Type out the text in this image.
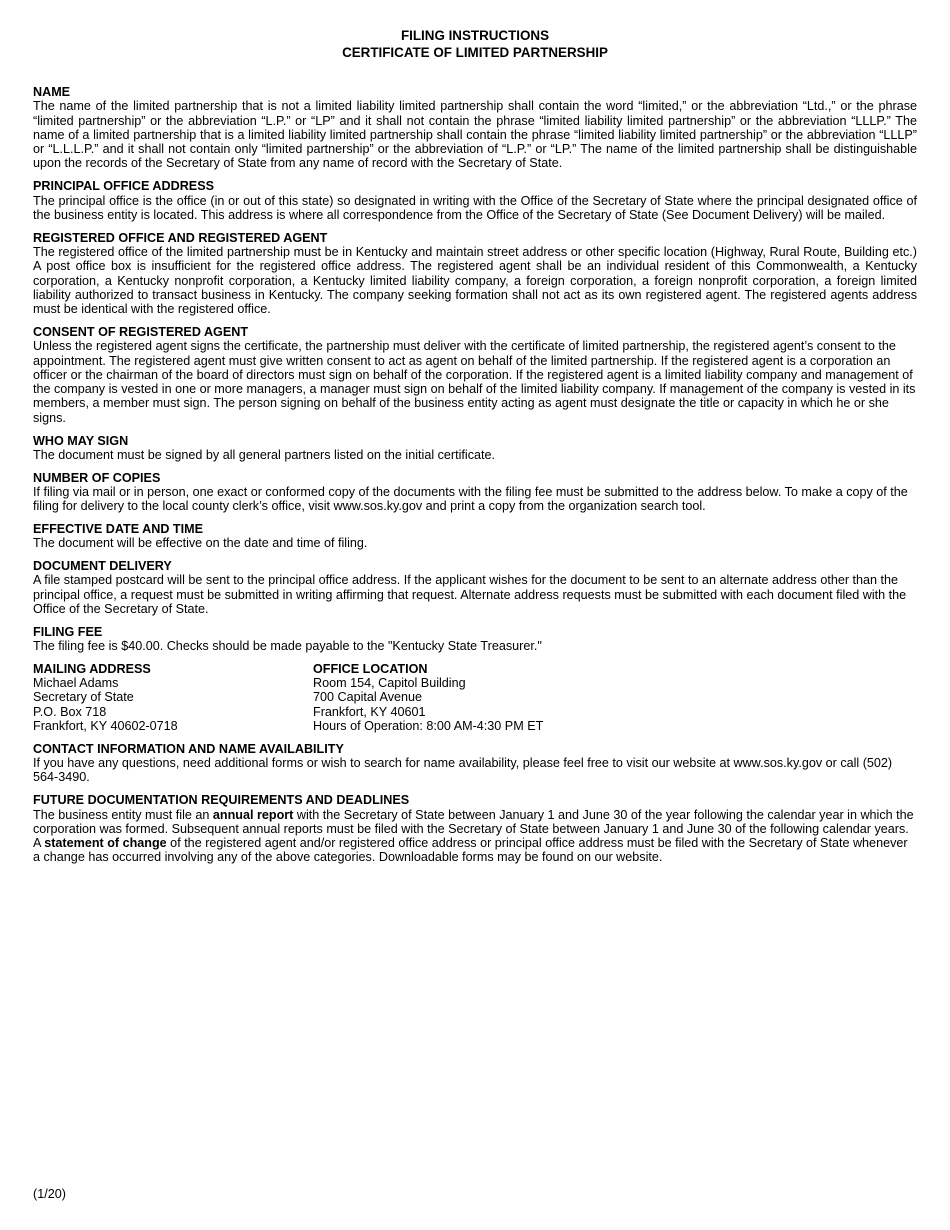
FILING INSTRUCTIONS
CERTIFICATE OF LIMITED PARTNERSHIP
NAME
The name of the limited partnership that is not a limited liability limited partnership shall contain the word “limited,” or the abbreviation “Ltd.,” or the phrase “limited partnership” or the abbreviation “L.P.” or “LP” and it shall not contain the phrase “limited liability limited partnership” or the abbreviation “LLLP.” The name of a limited partnership that is a limited liability limited partnership shall contain the phrase “limited liability limited partnership” or the abbreviation “LLLP” or “L.L.L.P.” and it shall not contain only “limited partnership” or the abbreviation of “L.P.” or “LP.” The name of the limited partnership shall be distinguishable upon the records of the Secretary of State from any name of record with the Secretary of State.
PRINCIPAL OFFICE ADDRESS
The principal office is the office (in or out of this state) so designated in writing with the Office of the Secretary of State where the principal designated office of the business entity is located. This address is where all correspondence from the Office of the Secretary of State (See Document Delivery) will be mailed.
REGISTERED OFFICE AND REGISTERED AGENT
The registered office of the limited partnership must be in Kentucky and maintain street address or other specific location (Highway, Rural Route, Building etc.) A post office box is insufficient for the registered office address. The registered agent shall be an individual resident of this Commonwealth, a Kentucky corporation, a Kentucky nonprofit corporation, a Kentucky limited liability company, a foreign corporation, a foreign nonprofit corporation, a foreign limited liability authorized to transact business in Kentucky. The company seeking formation shall not act as its own registered agent. The registered agents address must be identical with the registered office.
CONSENT OF REGISTERED AGENT
Unless the registered agent signs the certificate, the partnership must deliver with the certificate of limited partnership, the registered agent’s consent to the appointment. The registered agent must give written consent to act as agent on behalf of the limited partnership. If the registered agent is a corporation an officer or the chairman of the board of directors must sign on behalf of the corporation. If the registered agent is a limited liability company and management of the company is vested in one or more managers, a manager must sign on behalf of the limited liability company. If management of the company is vested in its members, a member must sign. The person signing on behalf of the business entity acting as agent must designate the title or capacity in which he or she signs.
WHO MAY SIGN
The document must be signed by all general partners listed on the initial certificate.
NUMBER OF COPIES
If filing via mail or in person, one exact or conformed copy of the documents with the filing fee must be submitted to the address below. To make a copy of the filing for delivery to the local county clerk’s office, visit www.sos.ky.gov and print a copy from the organization search tool.
EFFECTIVE DATE AND TIME
The document will be effective on the date and time of filing.
DOCUMENT DELIVERY
A file stamped postcard will be sent to the principal office address. If the applicant wishes for the document to be sent to an alternate address other than the principal office, a request must be submitted in writing affirming that request. Alternate address requests must be submitted with each document filed with the Office of the Secretary of State.
FILING FEE
The filing fee is $40.00. Checks should be made payable to the "Kentucky State Treasurer."
MAILING ADDRESS
Michael Adams
Secretary of State
P.O. Box 718
Frankfort, KY 40602-0718
OFFICE LOCATION
Room 154, Capitol Building
700 Capital Avenue
Frankfort, KY 40601
Hours of Operation: 8:00 AM-4:30 PM ET
CONTACT INFORMATION AND NAME AVAILABILITY
If you have any questions, need additional forms or wish to search for name availability, please feel free to visit our website at www.sos.ky.gov or call (502) 564-3490.
FUTURE DOCUMENTATION REQUIREMENTS AND DEADLINES
The business entity must file an annual report with the Secretary of State between January 1 and June 30 of the year following the calendar year in which the corporation was formed. Subsequent annual reports must be filed with the Secretary of State between January 1 and June 30 of the following calendar years.
A statement of change of the registered agent and/or registered office address or principal office address must be filed with the Secretary of State whenever a change has occurred involving any of the above categories. Downloadable forms may be found on our website.
(1/20)
